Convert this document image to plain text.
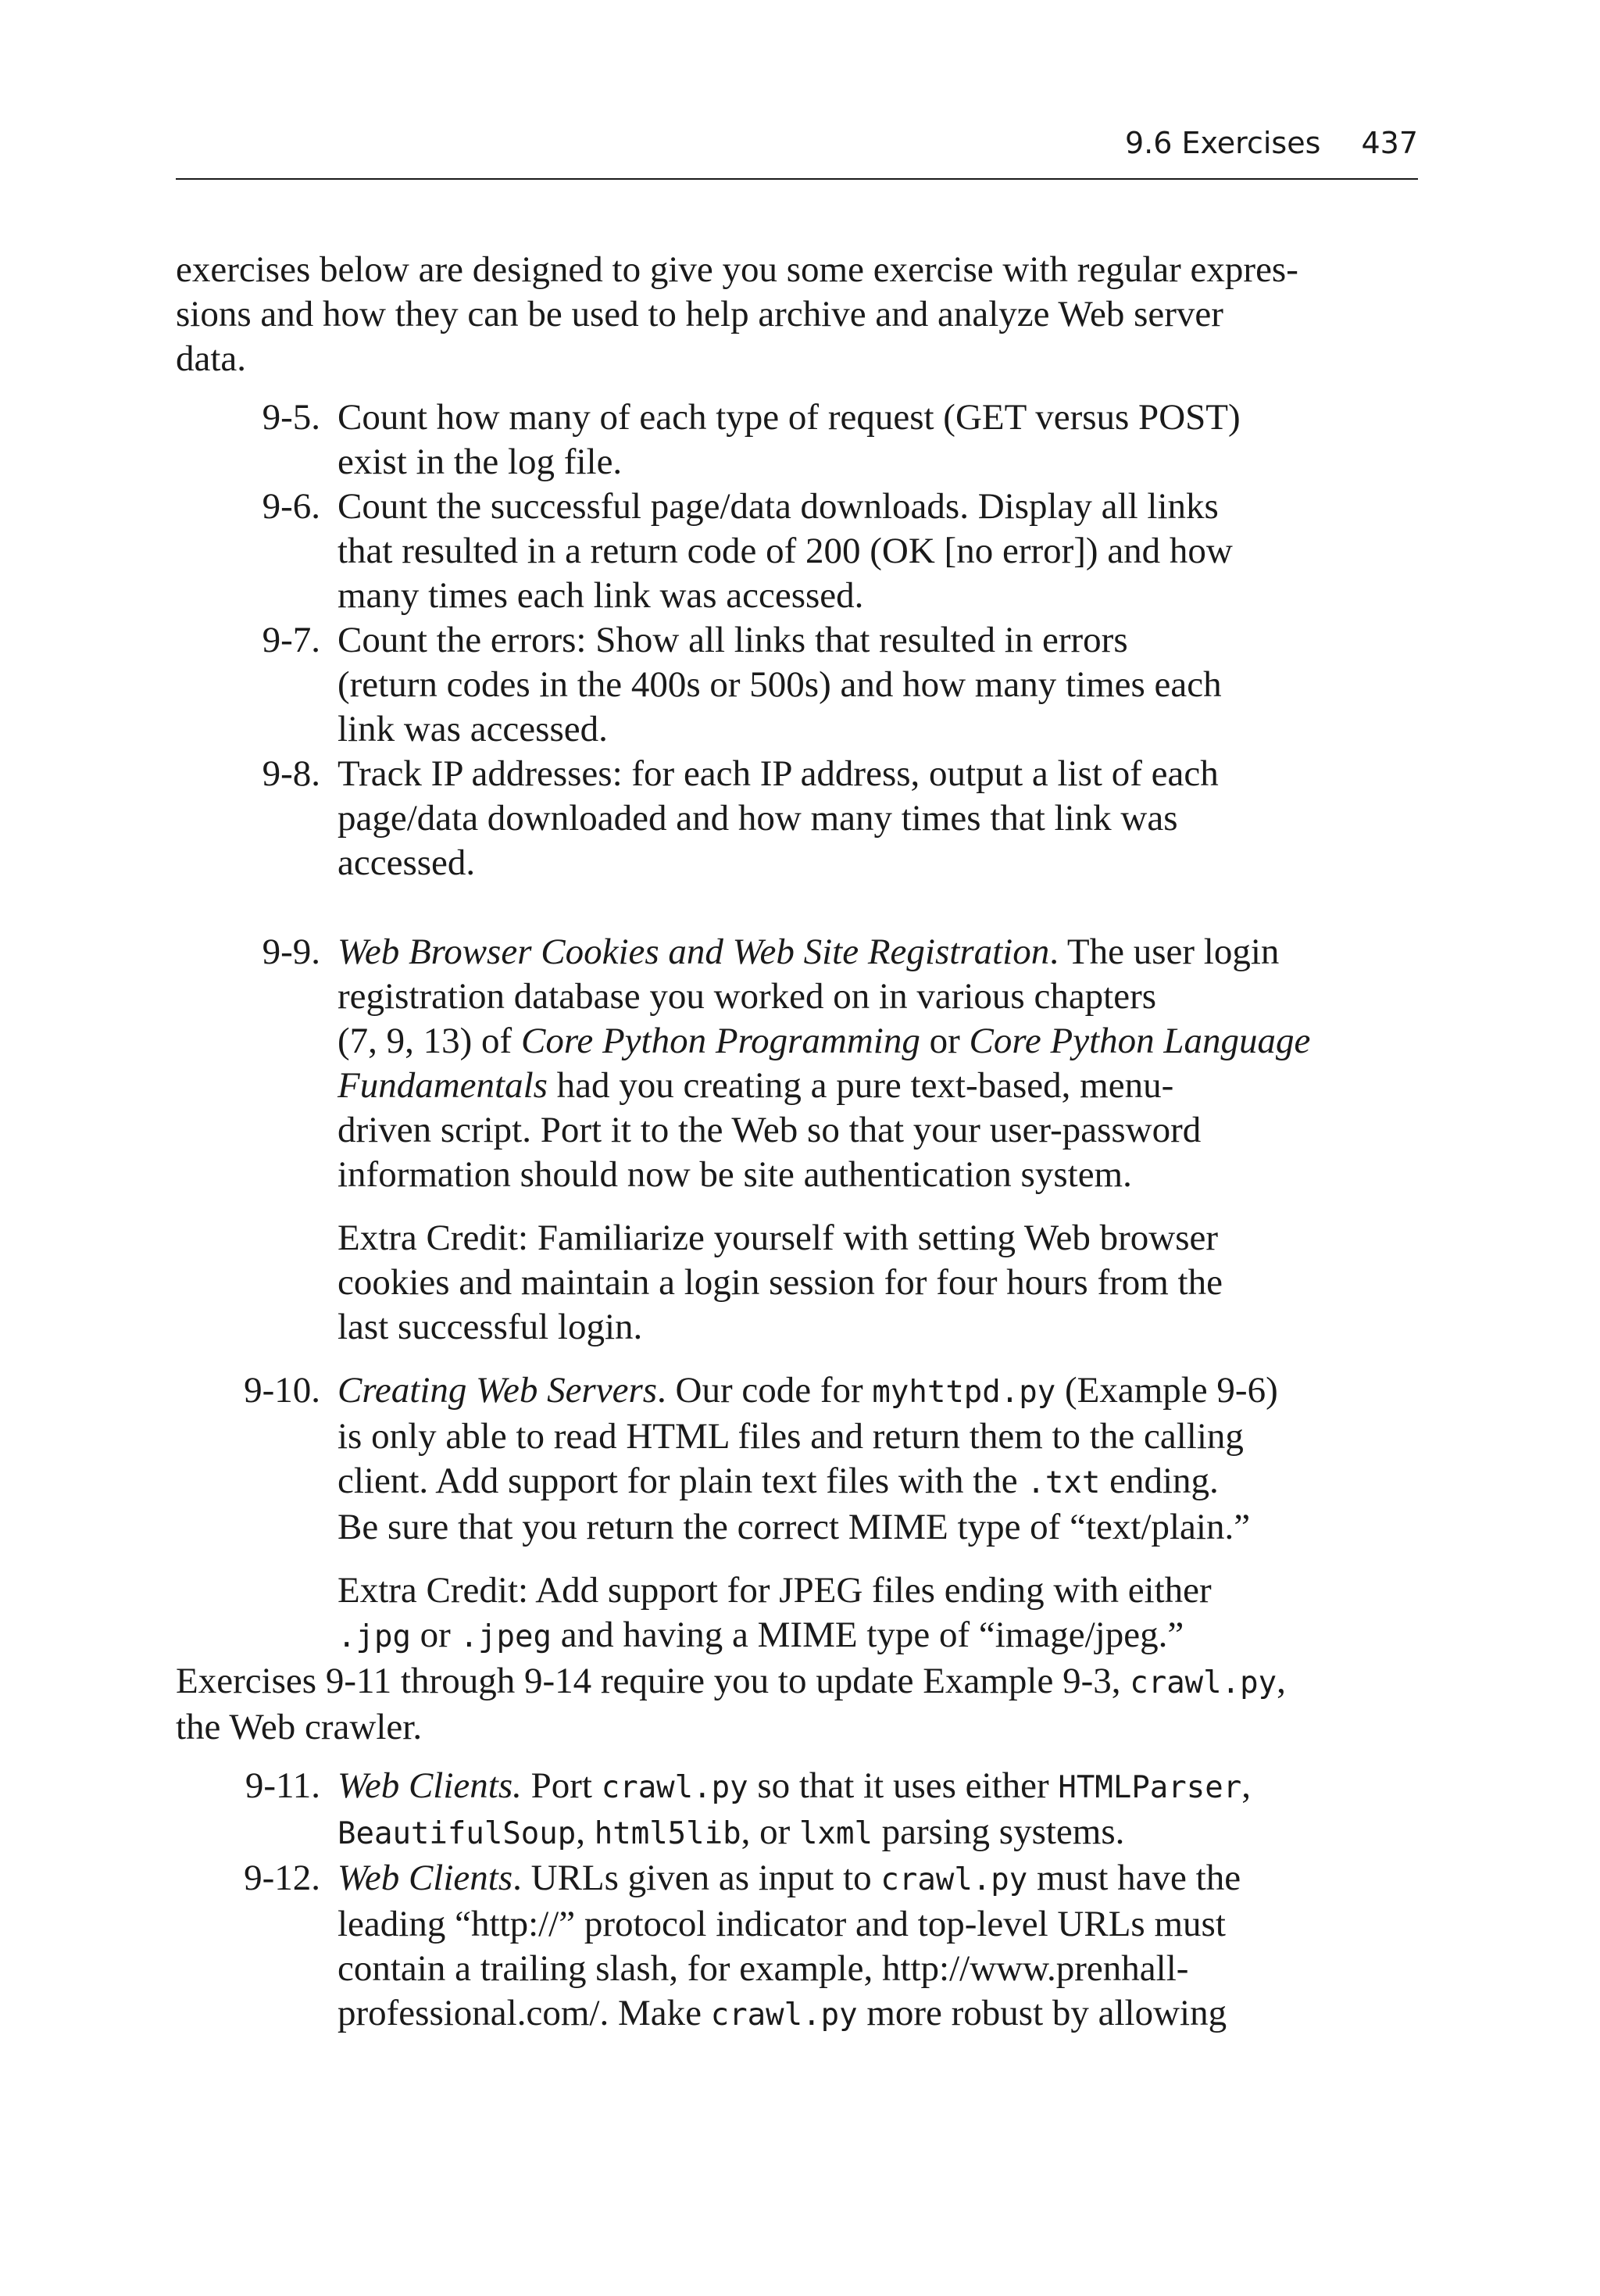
9.6 Exercises 437

exercises below are designed to give you some exercise with regular expres-
sions and how they can be used to help archive and analyze Web server
data.

9-5. Count how many of each type of request (GET versus POST)
exist in the log file.

9-6. Count the successful page/data downloads. Display all links
that resulted in a return code of 200 (OK [no error]) and how
many times each link was accessed.

9-7. Count the errors: Show all links that resulted in errors
(return codes in the 400s or 500s) and how many times each
link was accessed.

9-8. Track IP addresses: for each IP address, output a list of each
page/data downloaded and how many times that link was
accessed.

9-9. Web Browser Cookies and Web Site Registration. The user login
registration database you worked on in various chapters
(7, 9, 13) of Core Python Programming or Core Python Language
Fundamentals had you creating a pure text-based, menu-
driven script. Port it to the Web so that your user-password
information should now be site authentication system.

Extra Credit: Familiarize yourself with setting Web browser
cookies and maintain a login session for four hours from the
last successful login.

9-10. Creating Web Servers. Our code for myhttpd.py (Example 9-6)
is only able to read HTML files and return them to the calling
client. Add support for plain text files with the .txt ending.
Be sure that you return the correct MIME type of “text/plain.”

Extra Credit: Add support for JPEG files ending with either
.jpg or .jpeg and having a MIME type of “image/jpeg.”

Exercises 9-11 through 9-14 require you to update Example 9-3, crawl.py,
the Web crawler.

9-11. Web Clients. Port crawl.py so that it uses either HTMLParser,
BeautifulSoup, html5lib, or lxml parsing systems.

9-12. Web Clients. URLs given as input to crawl.py must have the
leading “http://” protocol indicator and top-level URLs must
contain a trailing slash, for example, http://www.prenhall-
professional.com/. Make crawl.py more robust by allowing
